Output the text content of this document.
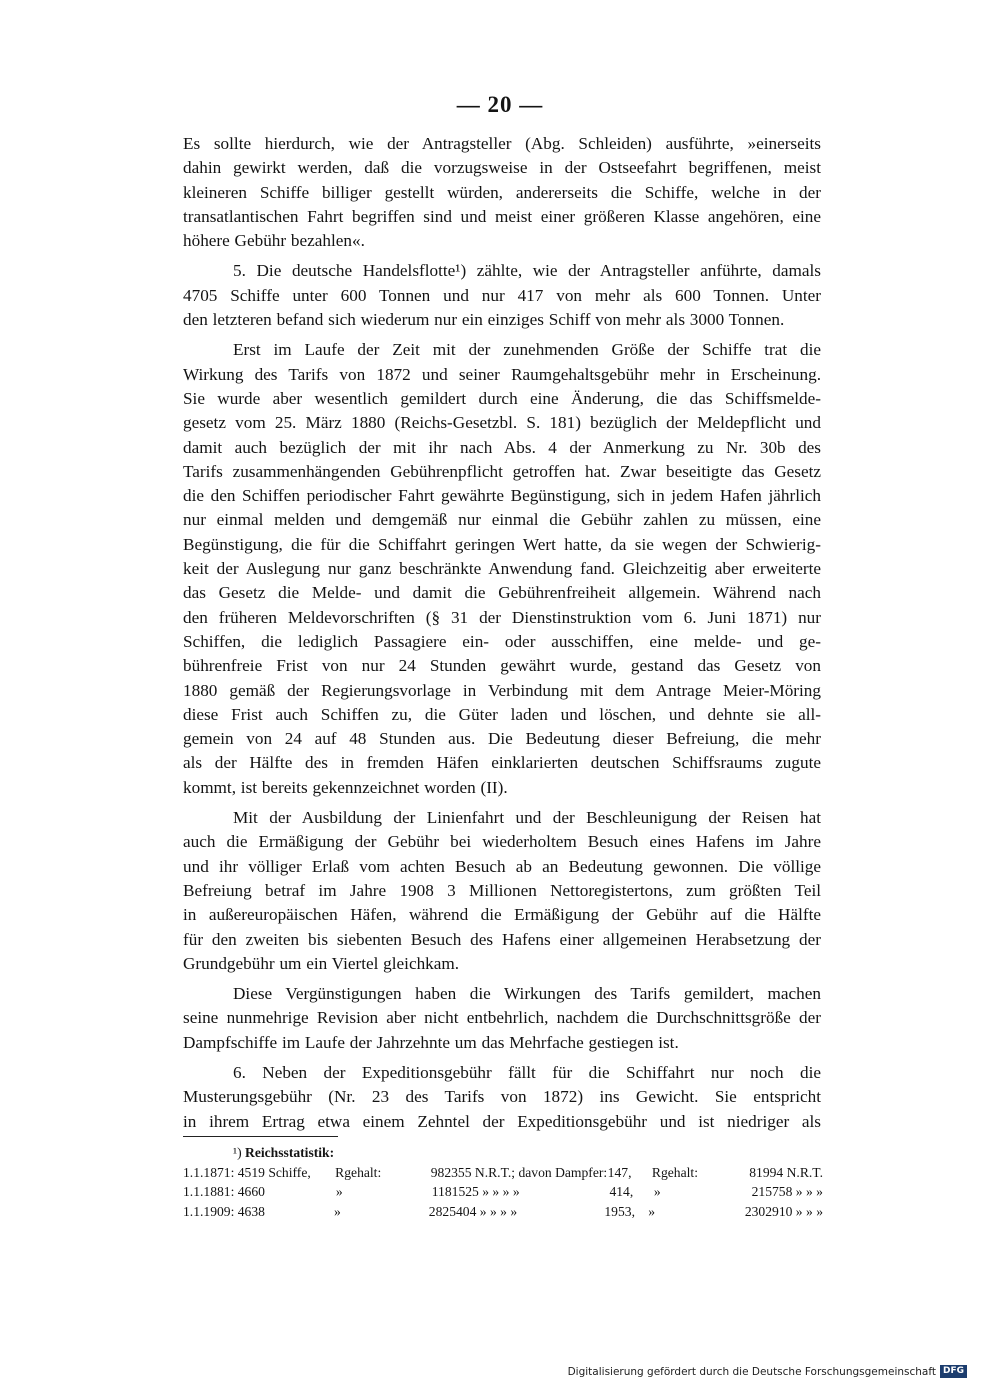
— 20 —

Es sollte hierdurch, wie der Antragsteller (Abg. Schleiden) ausführte, »einerseits

dahin gewirkt werden, daß die vorzugsweise in der Ostseefahrt begriffenen, meist

kleineren Schiffe billiger gestellt würden, andererseits die Schiffe, welche in der

transatlantischen Fahrt begriffen sind und meist einer größeren Klasse angehören, eine

höhere Gebühr bezahlen«.

5. Die deutsche Handelsflotte¹) zählte, wie der Antragsteller anführte, damals

4705 Schiffe unter 600 Tonnen und nur 417 von mehr als 600 Tonnen. Unter

den letzteren befand sich wiederum nur ein einziges Schiff von mehr als 3000 Tonnen.

Erst im Laufe der Zeit mit der zunehmenden Größe der Schiffe trat die

Wirkung des Tarifs von 1872 und seiner Raumgehaltsgebühr mehr in Erscheinung.

Sie wurde aber wesentlich gemildert durch eine Änderung, die das Schiffsmelde-

gesetz vom 25. März 1880 (Reichs-Gesetzbl. S. 181) bezüglich der Meldepflicht und

damit auch bezüglich der mit ihr nach Abs. 4 der Anmerkung zu Nr. 30b des

Tarifs zusammenhängenden Gebührenpflicht getroffen hat. Zwar beseitigte das Gesetz

die den Schiffen periodischer Fahrt gewährte Begünstigung, sich in jedem Hafen jährlich

nur einmal melden und demgemäß nur einmal die Gebühr zahlen zu müssen, eine

Begünstigung, die für die Schiffahrt geringen Wert hatte, da sie wegen der Schwierig-

keit der Auslegung nur ganz beschränkte Anwendung fand. Gleichzeitig aber erweiterte

das Gesetz die Melde- und damit die Gebührenfreiheit allgemein. Während nach

den früheren Meldevorschriften (§ 31 der Dienstinstruktion vom 6. Juni 1871) nur

Schiffen, die lediglich Passagiere ein- oder ausschiffen, eine melde- und ge-

bührenfreie Frist von nur 24 Stunden gewährt wurde, gestand das Gesetz von

1880 gemäß der Regierungsvorlage in Verbindung mit dem Antrage Meier-Möring

diese Frist auch Schiffen zu, die Güter laden und löschen, und dehnte sie all-

gemein von 24 auf 48 Stunden aus. Die Bedeutung dieser Befreiung, die mehr

als der Hälfte des in fremden Häfen einklarierten deutschen Schiffsraums zugute

kommt, ist bereits gekennzeichnet worden (II).

Mit der Ausbildung der Linienfahrt und der Beschleunigung der Reisen hat

auch die Ermäßigung der Gebühr bei wiederholtem Besuch eines Hafens im Jahre

und ihr völliger Erlaß vom achten Besuch ab an Bedeutung gewonnen. Die völlige

Befreiung betraf im Jahre 1908 3 Millionen Nettoregistertons, zum größten Teil

in außereuropäischen Häfen, während die Ermäßigung der Gebühr auf die Hälfte

für den zweiten bis siebenten Besuch des Hafens einer allgemeinen Herabsetzung der

Grundgebühr um ein Viertel gleichkam.

Diese Vergünstigungen haben die Wirkungen des Tarifs gemildert, machen

seine nunmehrige Revision aber nicht entbehrlich, nachdem die Durchschnittsgröße der

Dampfschiffe im Laufe der Jahrzehnte um das Mehrfache gestiegen ist.

6. Neben der Expeditionsgebühr fällt für die Schiffahrt nur noch die

Musterungsgebühr (Nr. 23 des Tarifs von 1872) ins Gewicht. Sie entspricht

in ihrem Ertrag etwa einem Zehntel der Expeditionsgebühr und ist niedriger als

¹) Reichsstatistik:
1.1.1871: 4519 Schiffe,	Rgehalt:	982355 N.R.T.; davon Dampfer: 147,	Rgehalt:	81994 N.R.T.
1.1.1881: 4660	»	1181525 » » » »	414,	»	215758 » » »
1.1.1909: 4638	»	2825404 » » » »	1953, »	2302910 » » »
Digitalisierung gefördert durch die Deutsche Forschungsgemeinschaft DFG
